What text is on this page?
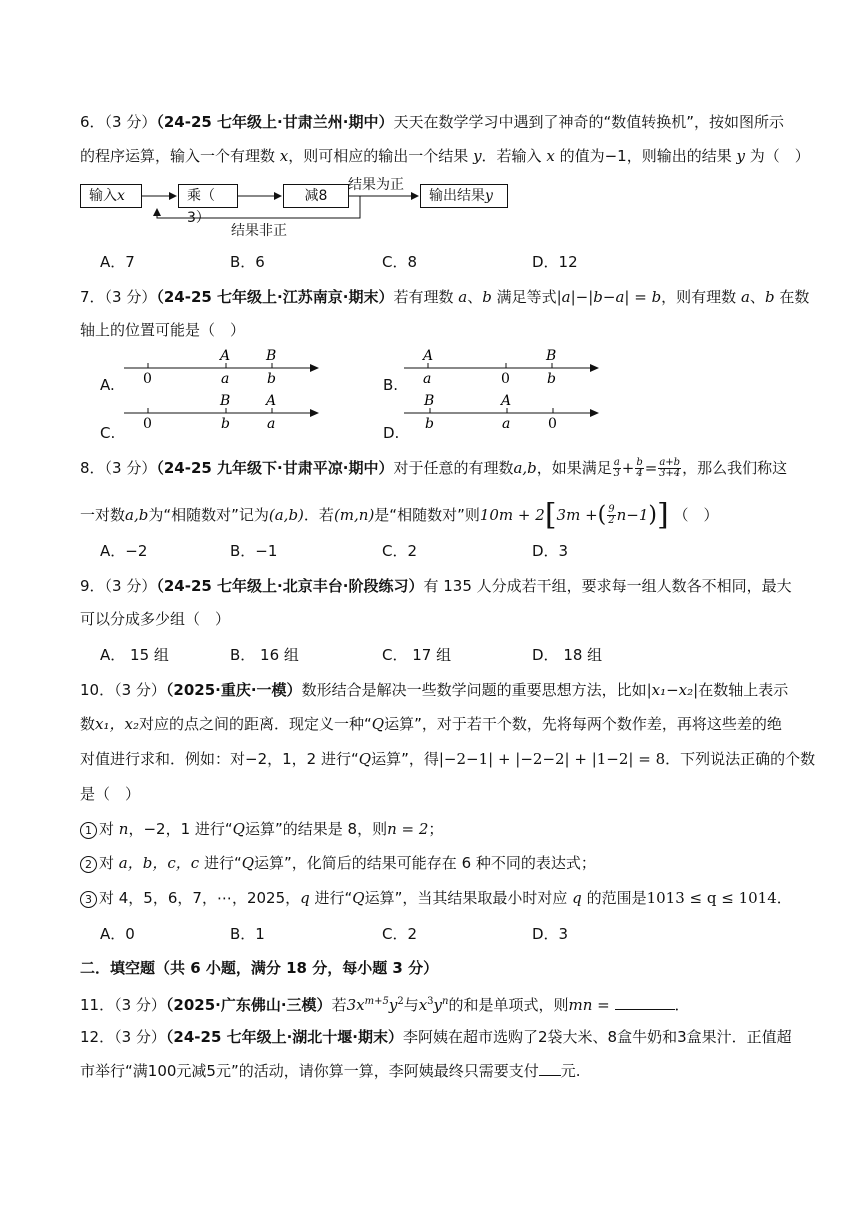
6．（3 分）（24-25 七年级上·甘肃兰州·期中）天天在数学学习中遇到了神奇的“数值转换机”，按如图所示
的程序运算，输入一个有理数 x，则可相应的输出一个结果 y．若输入 x 的值为−1，则输出的结果 y 为（　）
输入x	乘（ 3）
减8	输出结果y
结果为正
结果非正
A．7	B．6	C．8	D．12
7．（3 分）（24-25 七年级上·江苏南京·期末）若有理数 a、b 满足等式|a|−|b−a| = b，则有理数 a、b 在数
轴上的位置可能是（　）
A.	B.
C.	D.
0
A	B
a	b
A	B
a	0	b
0
B	A
b	a
B	A
b	a	0
8．（3 分）（24-25 九年级下·甘肃平凉·期中）对于任意的有理数a,b，如果满足 $\frac{a}{3} + \frac{b}{4} = \frac{a+b}{3+4}$ ，那么我们称这
一对数a,b为“相随数对”记为(a,b)．若(m,n)是“相随数对”则10m + 2[3m +( $\frac{9}{2} n-1$)] （　）
A．−2	B．−1	C．2	D．3
9．（3 分）（24-25 七年级上·北京丰台·阶段练习）有 135 人分成若干组，要求每一组人数各不相同，最大
可以分成多少组（　）
A． 15 组	B． 16 组	C． 17 组	D． 18 组
10．（3 分）（2025·重庆·一模）数形结合是解决一些数学问题的重要思想方法，比如|x₁−x₂|在数轴上表示
数x₁，x₂对应的点之间的距离．现定义一种“Q运算”，对于若干个数，先将每两个数作差，再将这些差的绝
对值进行求和．例如：对−2，1，2 进行“Q运算”，得|−2−1| + |−2−2| + |1−2| = 8．下列说法正确的个数
是（　）
1 对 n，−2，1 进行“Q运算”的结果是 8，则n = 2；
2 对 a，b，c，c 进行“Q运算”，化简后的结果可能存在 6 种不同的表达式；
3 对 4，5，6，7，⋯，2025，q 进行“Q运算”，当其结果取最小时对应 q 的范围是1013 ≤ q ≤ 1014．
A．0	B．1	C．2	D．3
二．填空题（共 6 小题，满分 18 分，每小题 3 分）
11．（3 分）（2025·广东佛山·三模）若$3x^{m+5}y^2$与$x^3y^n$的和是单项式，则mn =	．
12．（3 分）（24-25 七年级上·湖北十堰·期末）李阿姨在超市选购了2袋大米、8盒牛奶和3盒果汁．正值超
市举行“满100元减5元”的活动，请你算一算，李阿姨最终只需要支付 元.
